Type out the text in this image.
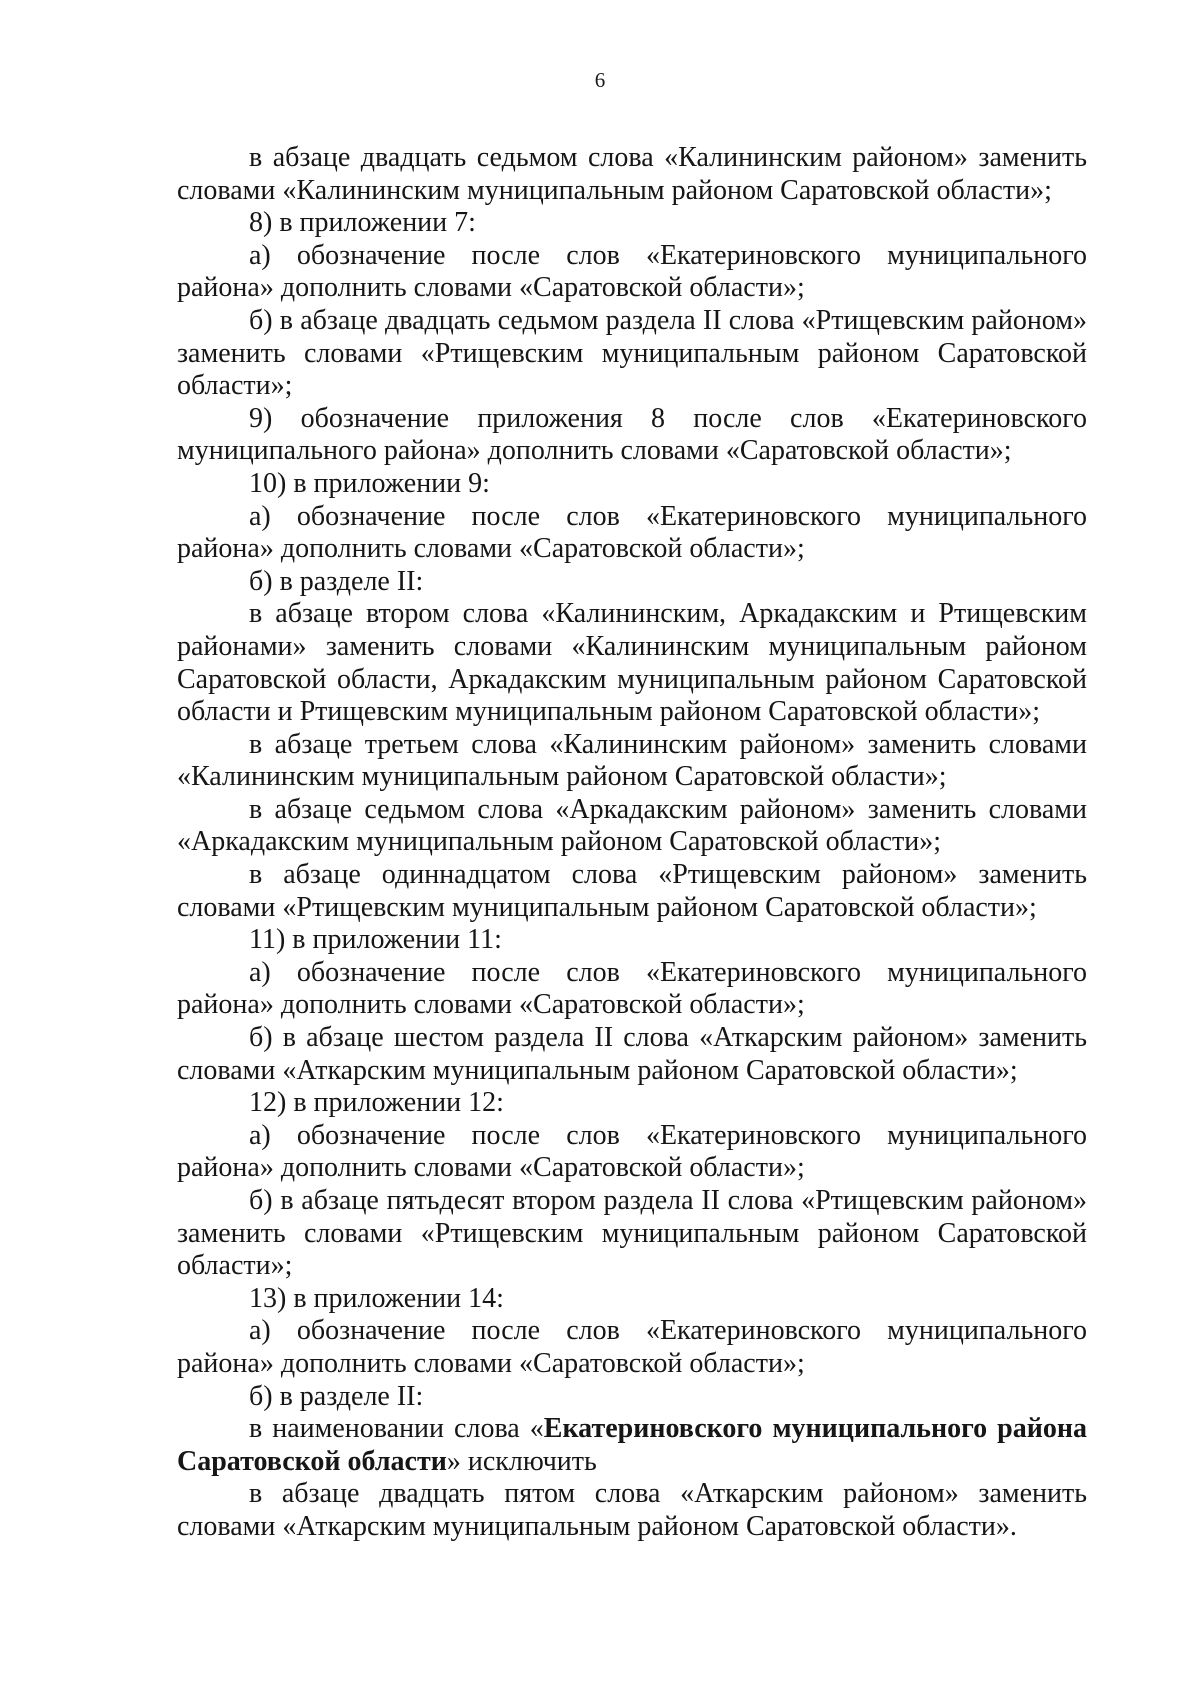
6

в абзаце двадцать седьмом слова «Калининским районом» заменить словами «Калининским муниципальным районом Саратовской области»;

8) в приложении 7:

а) обозначение после слов «Екатериновского муниципального района» дополнить словами «Саратовской области»;

б) в абзаце двадцать седьмом раздела II слова «Ртищевским районом» заменить словами «Ртищевским муниципальным районом Саратовской области»;

9) обозначение приложения 8 после слов «Екатериновского муниципального района» дополнить словами «Саратовской области»;

10) в приложении 9:

а) обозначение после слов «Екатериновского муниципального района» дополнить словами «Саратовской области»;

б) в разделе II:

в абзаце втором слова «Калининским, Аркадакским и Ртищевским районами» заменить словами «Калининским муниципальным районом Саратовской области, Аркадакским муниципальным районом Саратовской области и Ртищевским муниципальным районом Саратовской области»;

в абзаце третьем слова «Калининским районом» заменить словами «Калининским муниципальным районом Саратовской области»;

в абзаце седьмом слова «Аркадакским районом» заменить словами «Аркадакским муниципальным районом Саратовской области»;

в абзаце одиннадцатом слова «Ртищевским районом» заменить словами «Ртищевским муниципальным районом Саратовской области»;

11) в приложении 11:

а) обозначение после слов «Екатериновского муниципального района» дополнить словами «Саратовской области»;

б) в абзаце шестом раздела II слова «Аткарским районом» заменить словами «Аткарским муниципальным районом Саратовской области»;

12) в приложении 12:

а) обозначение после слов «Екатериновского муниципального района» дополнить словами «Саратовской области»;

б) в абзаце пятьдесят втором раздела II слова «Ртищевским районом» заменить словами «Ртищевским муниципальным районом Саратовской области»;

13) в приложении 14:

а) обозначение после слов «Екатериновского муниципального района» дополнить словами «Саратовской области»;

б) в разделе II:

в наименовании слова «Екатериновского муниципального района Саратовской области» исключить

в абзаце двадцать пятом слова «Аткарским районом» заменить словами «Аткарским муниципальным районом Саратовской области».
